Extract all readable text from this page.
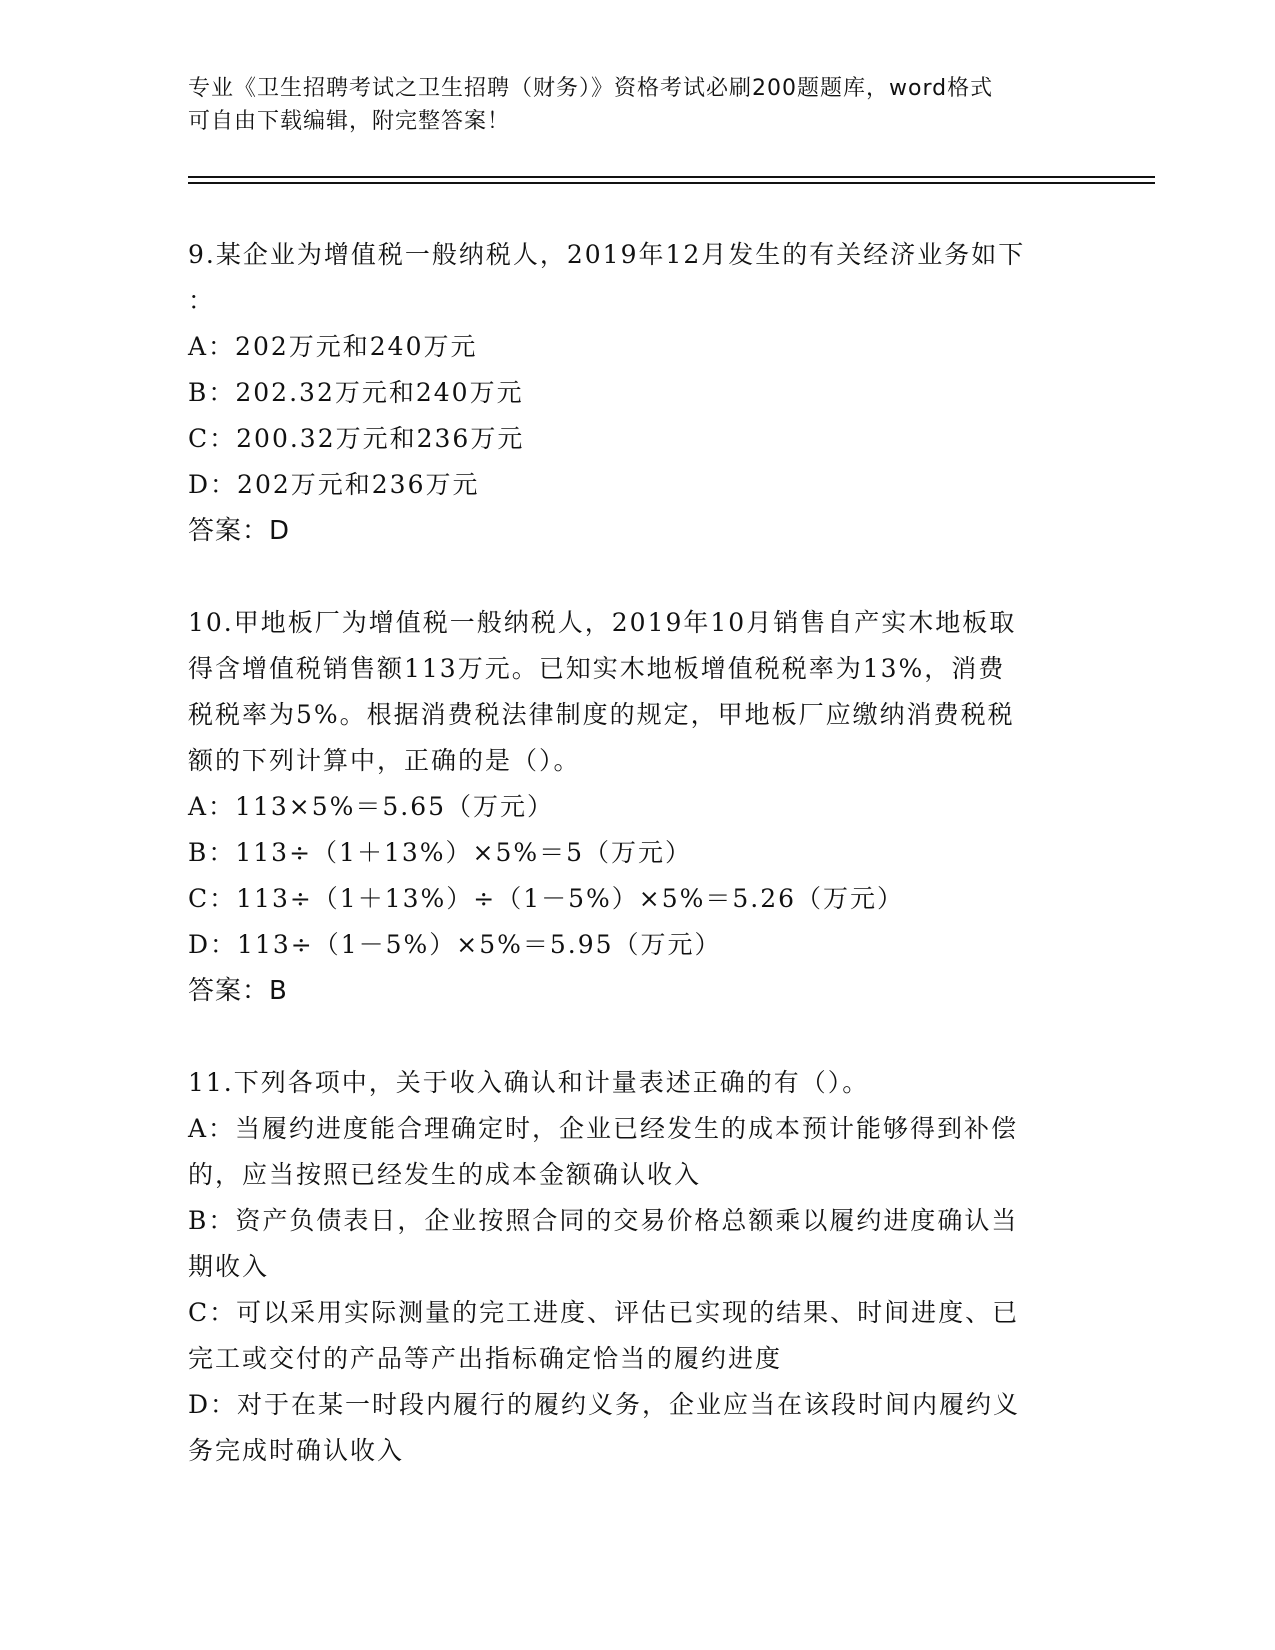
专业《卫生招聘考试之卫生招聘（财务）》资格考试必刷200题题库，word格式
可自由下载编辑，附完整答案！

9.某企业为增值税一般纳税人，2019年12月发生的有关经济业务如下

：

A：202万元和240万元

B：202.32万元和240万元

C：200.32万元和236万元

D：202万元和236万元

答案：D

10.甲地板厂为增值税一般纳税人，2019年10月销售自产实木地板取

得含增值税销售额113万元。已知实木地板增值税税率为13%，消费

税税率为5%。根据消费税法律制度的规定，甲地板厂应缴纳消费税税

额的下列计算中，正确的是（）。

A：113×5%＝5.65（万元）

B：113÷（1＋13%）×5%＝5（万元）

C：113÷（1＋13%）÷（1－5%）×5%＝5.26（万元）

D：113÷（1－5%）×5%＝5.95（万元）

答案：B

11.下列各项中，关于收入确认和计量表述正确的有（）。

A：当履约进度能合理确定时，企业已经发生的成本预计能够得到补偿

的，应当按照已经发生的成本金额确认收入

B：资产负债表日，企业按照合同的交易价格总额乘以履约进度确认当

期收入

C：可以采用实际测量的完工进度、评估已实现的结果、时间进度、已

完工或交付的产品等产出指标确定恰当的履约进度

D：对于在某一时段内履行的履约义务，企业应当在该段时间内履约义

务完成时确认收入
